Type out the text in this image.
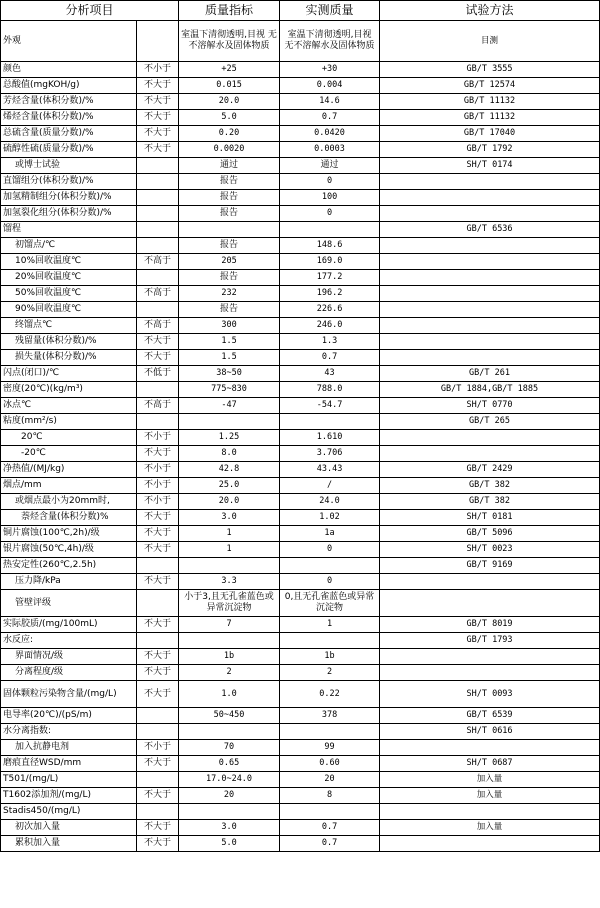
分析项目		质量指标	实测质量	试验方法
外观		室温下清彻透明,目视 无不溶解水及固体物质	室温下清彻透明,目视 无不溶解水及固体物质	目测
颜色	不小于	+25	+30	GB/T 3555
总酸值(mgKOH/g)	不大于	0.015	0.004	GB/T 12574
芳烃含量(体积分数)/%	不大于	20.0	14.6	GB/T 11132
烯烃含量(体积分数)/%	不大于	5.0	0.7	GB/T 11132
总硫含量(质量分数)/%	不大于	0.20	0.0420	GB/T 17040
硫醇性硫(质量分数)/%	不大于	0.0020	0.0003	GB/T 1792
或博士试验		通过	通过	SH/T 0174
直馏组分(体积分数)/%		报告	0	
加氢精制组分(体积分数)/%		报告	100	
加氢裂化组分(体积分数)/%		报告	0	
馏程				GB/T 6536
初馏点/℃		报告	148.6	
10%回收温度℃	不高于	205	169.0	
20%回收温度℃		报告	177.2	
50%回收温度℃	不高于	232	196.2	
90%回收温度℃		报告	226.6	
终馏点℃	不高于	300	246.0	
残留量(体积分数)/%	不大于	1.5	1.3	
损失量(体积分数)/%	不大于	1.5	0.7	
闪点(闭口)/℃	不低于	38~50	43	GB/T 261
密度(20℃)(kg/m³)		775~830	788.0	GB/T 1884,GB/T 1885
冰点℃	不高于	-47	-54.7	SH/T 0770
粘度(mm²/s)				GB/T 265
20℃	不小于	1.25	1.610	
-20℃	不大于	8.0	3.706	
净热值/(MJ/kg)	不小于	42.8	43.43	GB/T 2429
烟点/mm	不小于	25.0	/	GB/T 382
或烟点最小为20mm时,	不小于	20.0	24.0	GB/T 382
萘烃含量(体积分数)%	不大于	3.0	1.02	SH/T 0181
铜片腐蚀(100℃,2h)/级	不大于	1	1a	GB/T 5096
银片腐蚀(50℃,4h)/级	不大于	1	0	SH/T 0023
热安定性(260℃,2.5h)				GB/T 9169
压力降/kPa	不大于	3.3	0	
管壁评级		小于3,且无孔雀蓝色或异常沉淀物	0,且无孔雀蓝色或异常沉淀物	
实际胶质/(mg/100mL)	不大于	7	1	GB/T 8019
水反应:				GB/T 1793
界面情况/级	不大于	1b	1b	
分离程度/级	不大于	2	2	
固体颗粒污染物含量/(mg/L)	不大于	1.0	0.22	SH/T 0093
电导率(20℃)/(pS/m)		50~450	378	GB/T 6539
水分离指数:				SH/T 0616
加入抗静电剂	不小于	70	99	
磨痕直径WSD/mm	不大于	0.65	0.60	SH/T 0687
T501/(mg/L)		17.0~24.0	20	加入量
T1602添加剂/(mg/L)	不大于	20	8	加入量
Stadis450/(mg/L)				
初次加入量	不大于	3.0	0.7	加入量
累积加入量	不大于	5.0	0.7	
